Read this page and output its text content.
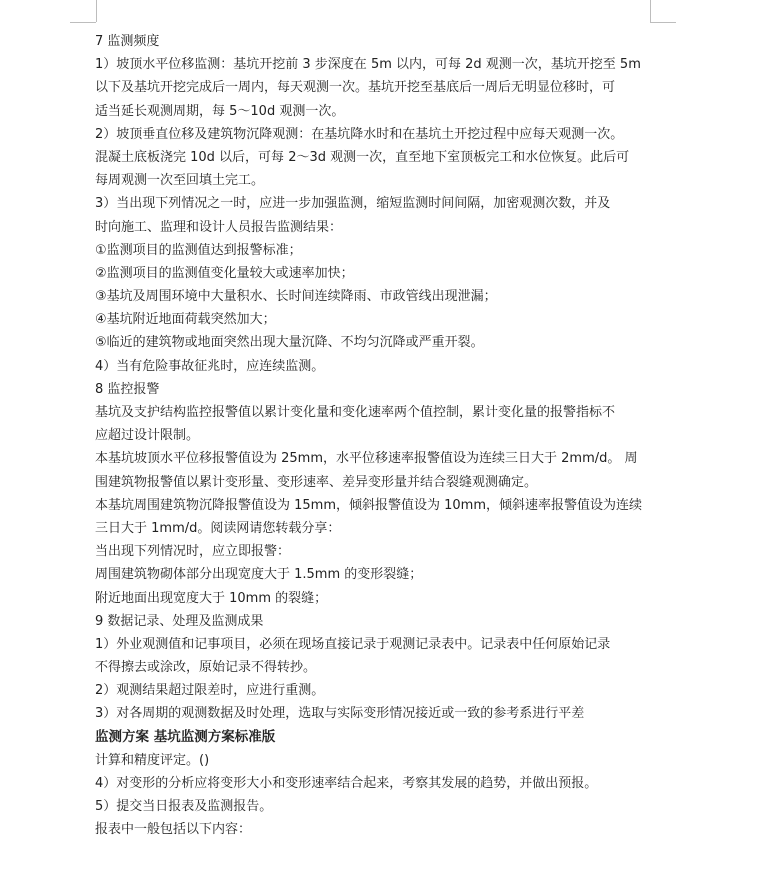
7 监测频度
1）坡顶水平位移监测：基坑开挖前 3 步深度在 5m 以内，可每 2d 观测一次，基坑开挖至 5m
以下及基坑开挖完成后一周内，每天观测一次。基坑开挖至基底后一周后无明显位移时，可
适当延长观测周期，每 5～10d 观测一次。
2）坡顶垂直位移及建筑物沉降观测：在基坑降水时和在基坑土开挖过程中应每天观测一次。
混凝土底板浇完 10d 以后，可每 2～3d 观测一次，直至地下室顶板完工和水位恢复。此后可
每周观测一次至回填土完工。
3）当出现下列情况之一时，应进一步加强监测，缩短监测时间间隔，加密观测次数，并及
时向施工、监理和设计人员报告监测结果：
①监测项目的监测值达到报警标准；
②监测项目的监测值变化量较大或速率加快；
③基坑及周围环境中大量积水、长时间连续降雨、市政管线出现泄漏；
④基坑附近地面荷载突然加大；
⑤临近的建筑物或地面突然出现大量沉降、不均匀沉降或严重开裂。
4）当有危险事故征兆时，应连续监测。
8 监控报警
基坑及支护结构监控报警值以累计变化量和变化速率两个值控制，累计变化量的报警指标不
应超过设计限制。
本基坑坡顶水平位移报警值设为 25mm，水平位移速率报警值设为连续三日大于 2mm/d。 周
围建筑物报警值以累计变形量、变形速率、差异变形量并结合裂缝观测确定。
本基坑周围建筑物沉降报警值设为 15mm，倾斜报警值设为 10mm，倾斜速率报警值设为连续
三日大于 1mm/d。阅读网请您转载分享：
当出现下列情况时，应立即报警：
周围建筑物砌体部分出现宽度大于 1.5mm 的变形裂缝；
附近地面出现宽度大于 10mm 的裂缝；
9 数据记录、处理及监测成果
1）外业观测值和记事项目，必须在现场直接记录于观测记录表中。记录表中任何原始记录
不得擦去或涂改，原始记录不得转抄。
2）观测结果超过限差时，应进行重测。
3）对各周期的观测数据及时处理，选取与实际变形情况接近或一致的参考系进行平差
监测方案 基坑监测方案标准版
计算和精度评定。()
4）对变形的分析应将变形大小和变形速率结合起来，考察其发展的趋势，并做出预报。
5）提交当日报表及监测报告。
报表中一般包括以下内容：
